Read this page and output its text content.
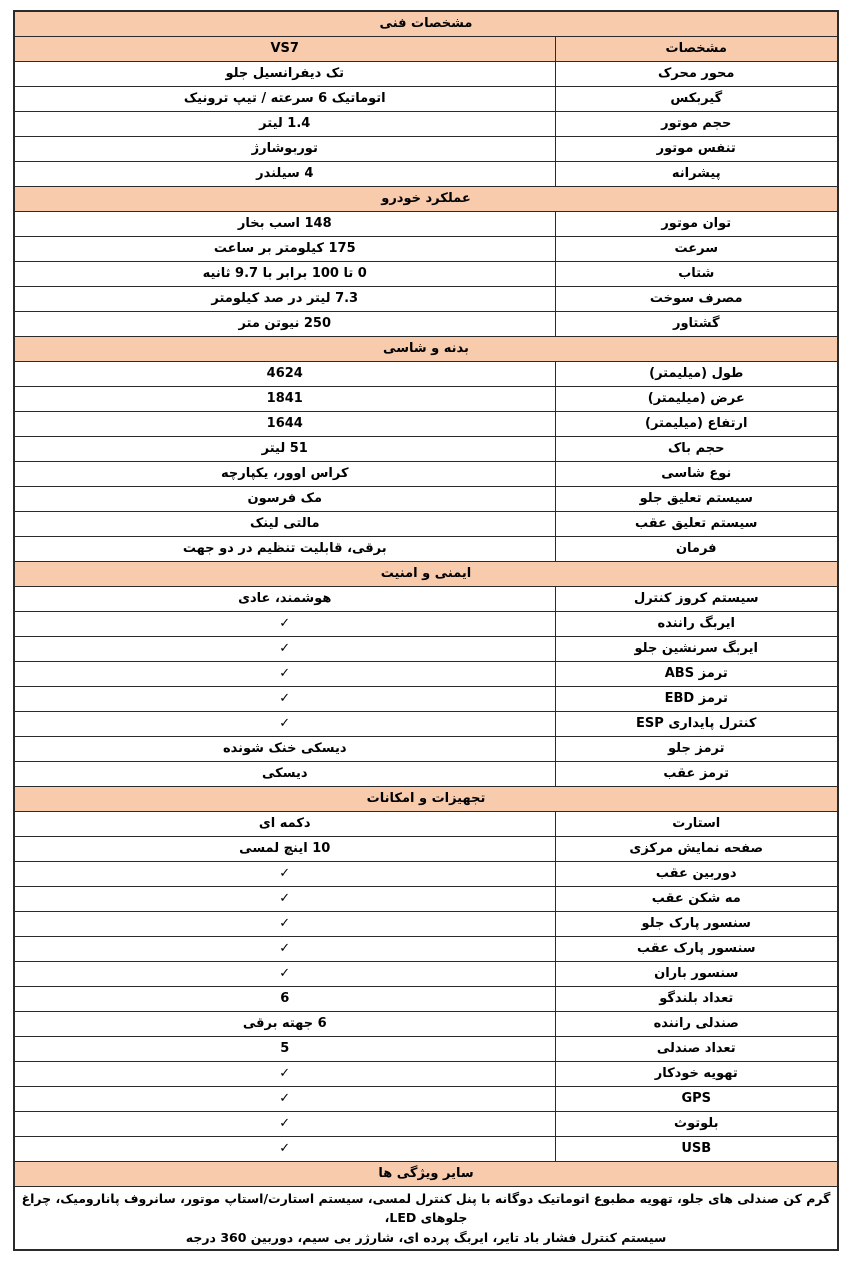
مشخصات فنی	
مشخصات	VS7
محور محرک	تک دیفرانسیل جلو
گیربکس	اتوماتیک 6 سرعته / تیپ ترونیک
حجم موتور	1.4 لیتر
تنفس موتور	توربوشارژ
پیشرانه	4 سیلندر
عملکرد خودرو	
توان موتور	148 اسب بخار
سرعت	175 کیلومتر بر ساعت
شتاب	0 تا 100 برابر با 9.7 ثانیه
مصرف سوخت	7.3 لیتر در صد کیلومتر
گشتاور	250 نیوتن متر
بدنه و شاسی	
طول (میلیمتر)	4624
عرض (میلیمتر)	1841
ارتفاع (میلیمتر)	1644
حجم باک	51 لیتر
نوع شاسی	کراس اوور، یکپارچه
سیستم تعلیق جلو	مک فرسون
سیستم تعلیق عقب	مالتی لینک
فرمان	برقی، قابلیت تنظیم در دو جهت
ایمنی و امنیت	
سیستم کروز کنترل	هوشمند، عادی
ایربگ راننده	✓
ایربگ سرنشین جلو	✓
ترمز ABS	✓
ترمز EBD	✓
کنترل پایداری ESP	✓
ترمز جلو	دیسکی خنک شونده
ترمز عقب	دیسکی
تجهیزات و امکانات	
استارت	دکمه ای
صفحه نمایش مرکزی	10 اینچ لمسی
دوربین عقب	✓
مه شکن عقب	✓
سنسور پارک جلو	✓
سنسور پارک عقب	✓
سنسور باران	✓
تعداد بلندگو	6
صندلی راننده	6 جهته برقی
تعداد صندلی	5
تهویه خودکار	✓
GPS	✓
بلوتوث	✓
USB	✓
سایر ویژگی ها	

گرم کن صندلی های جلو، تهویه مطبوع اتوماتیک دوگانه با پنل کنترل لمسی، سیستم استارت/استاپ موتور، سانروف پانارومیک، چراغ جلوهای LED،
سیستم کنترل فشار باد تایر، ایربگ پرده ای، شارژر بی سیم، دوربین 360 درجه	
